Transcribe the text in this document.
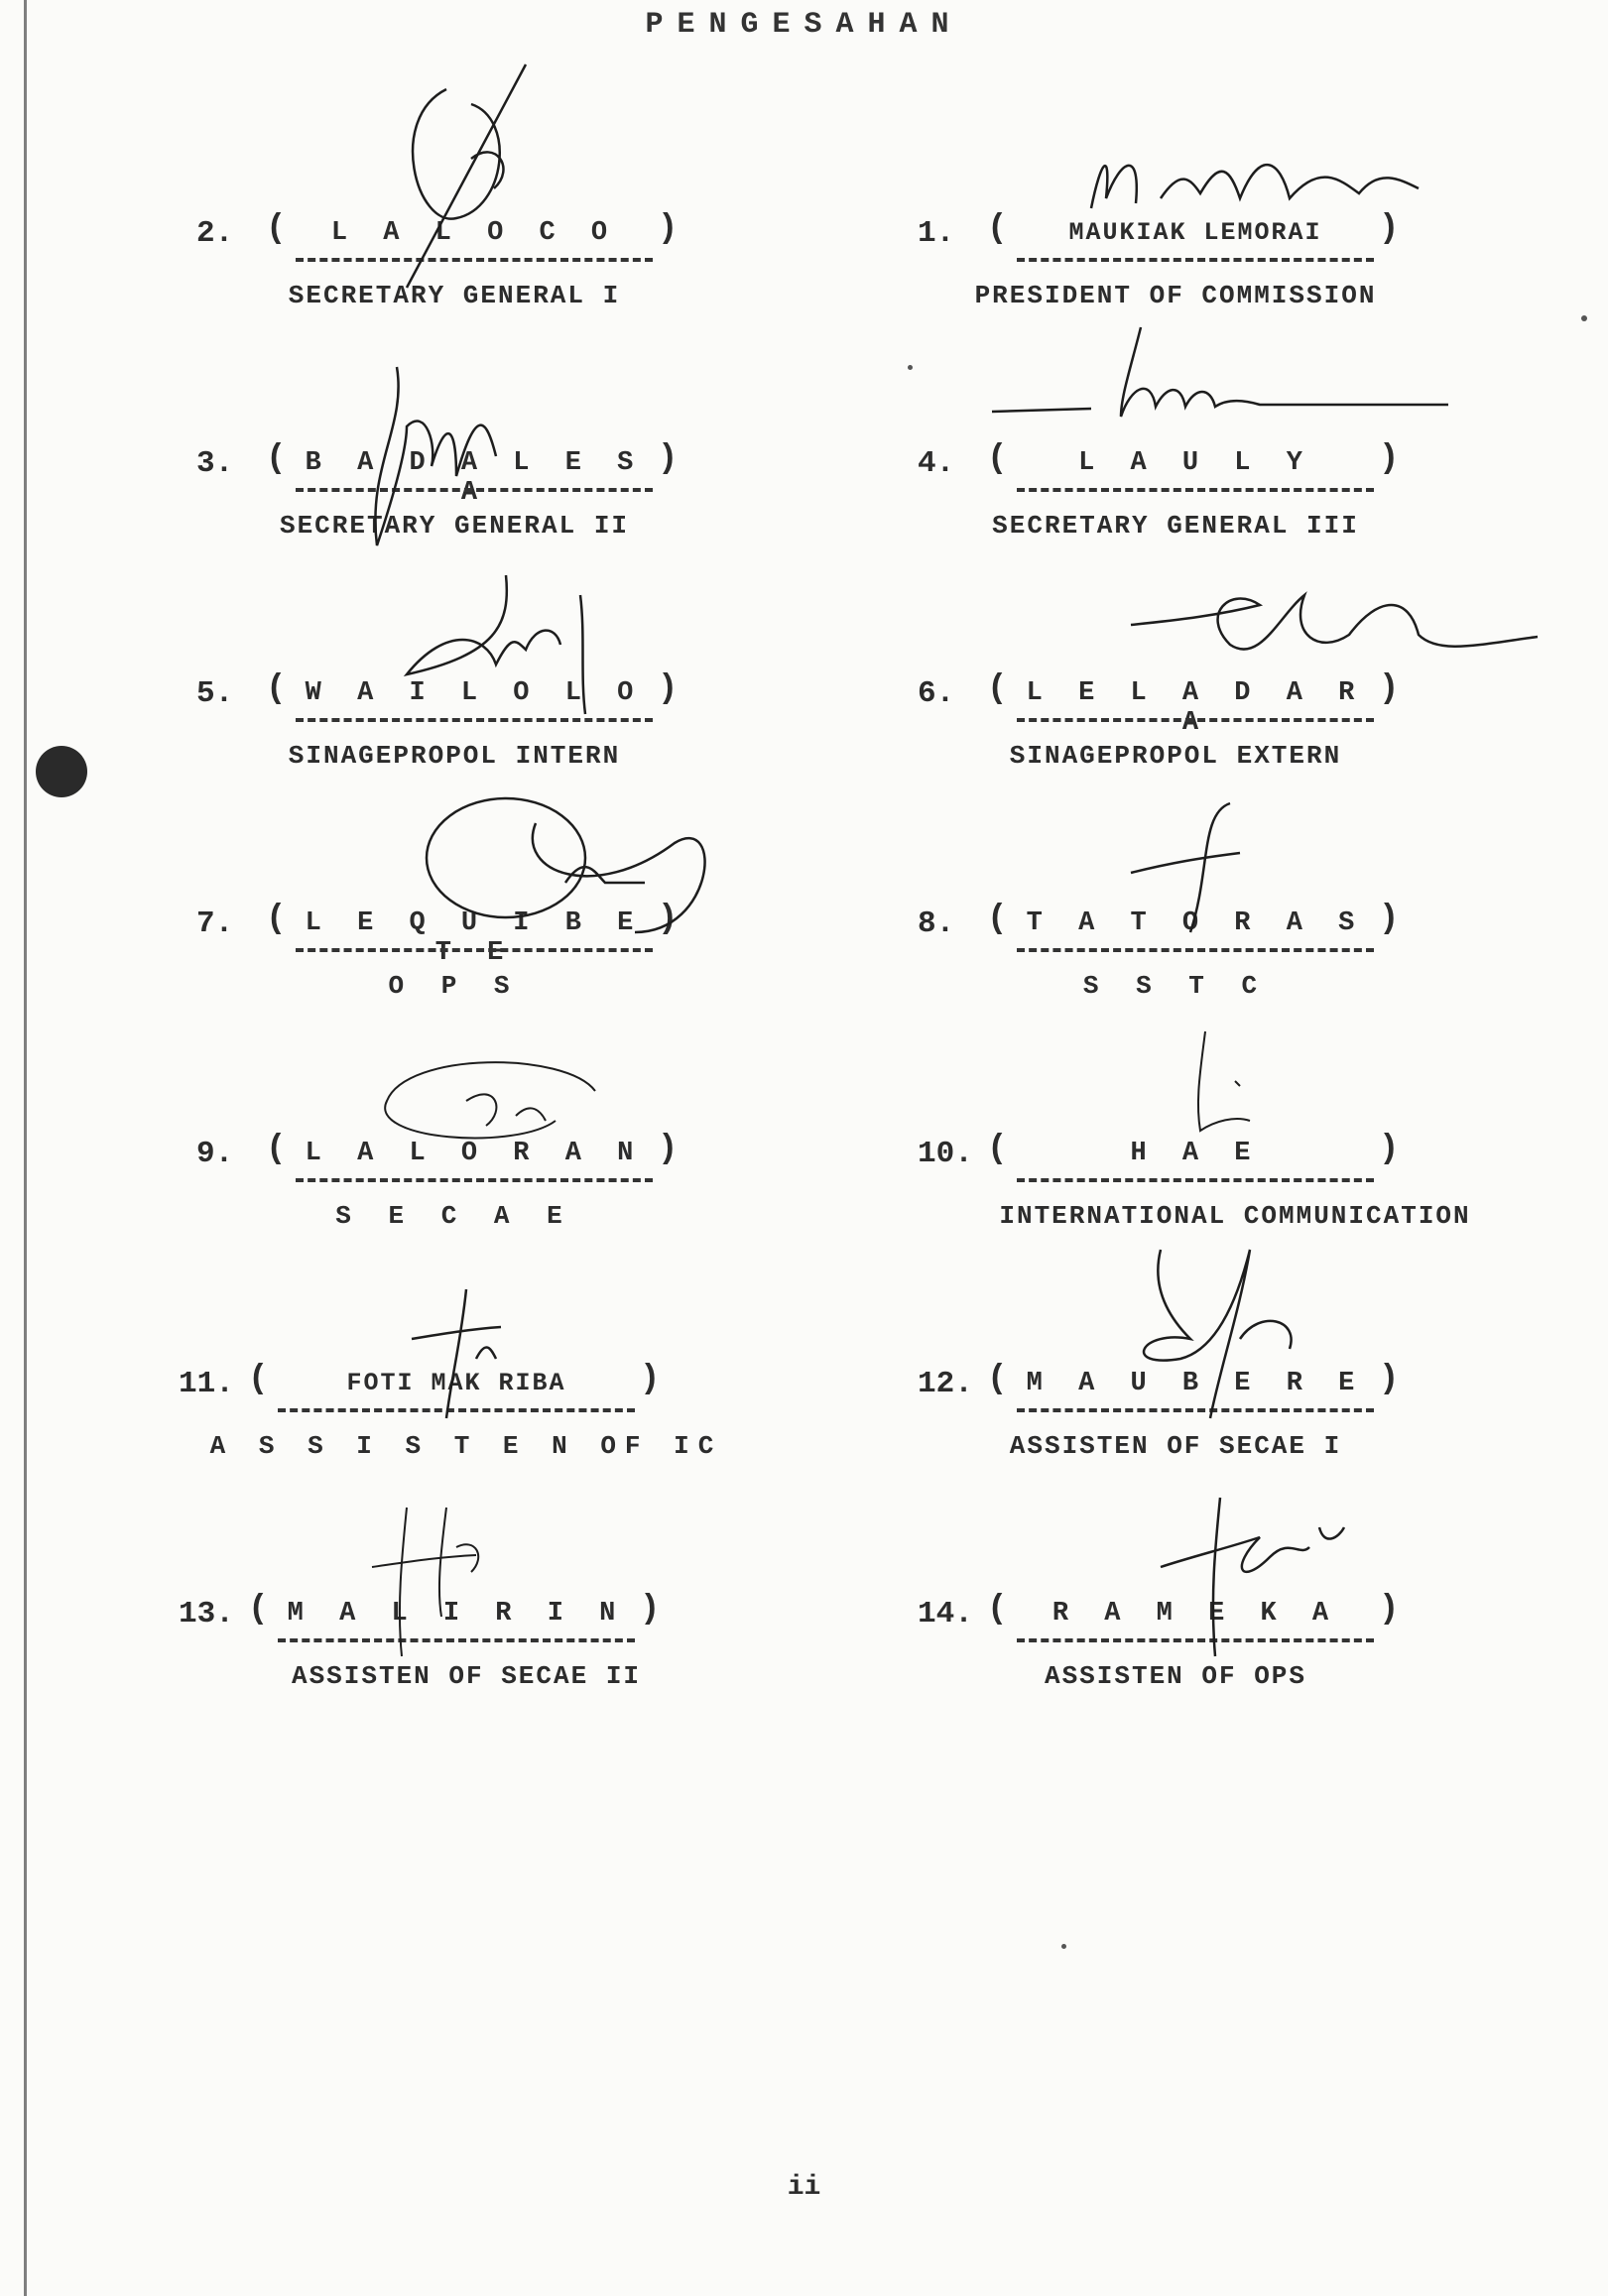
PENGESAHAN
2. (	L A L O C O	)
SECRETARY GENERAL I
1. (	MAUKIAK LEMORAI	)
PRESIDENT OF COMMISSION
3. ( B A D A L E S A
)
SECRETARY GENERAL II
4. (	L A U L Y	)
SECRETARY GENERAL III
5. ( W A I L O L O )
SINAGEPROPOL INTERN
6. ( L E L A D A R A
)
SINAGEPROPOL EXTERN
7. ( L E Q U I B E T E
)
O P S
8. ( T A T O R A S )
S S T C
9. ( L A L O R A N )
S E C A E
10. (	H A E	)
INTERNATIONAL COMMUNICATION
11. (	FOTI MAK RIBA	)
A S S I S T E N OF IC
12. ( M A U B E R E )
ASSISTEN OF SECAE I
13. ( M A L I R I N )
ASSISTEN OF SECAE II
14. (	R A M E K A	)
ASSISTEN OF OPS
ii
